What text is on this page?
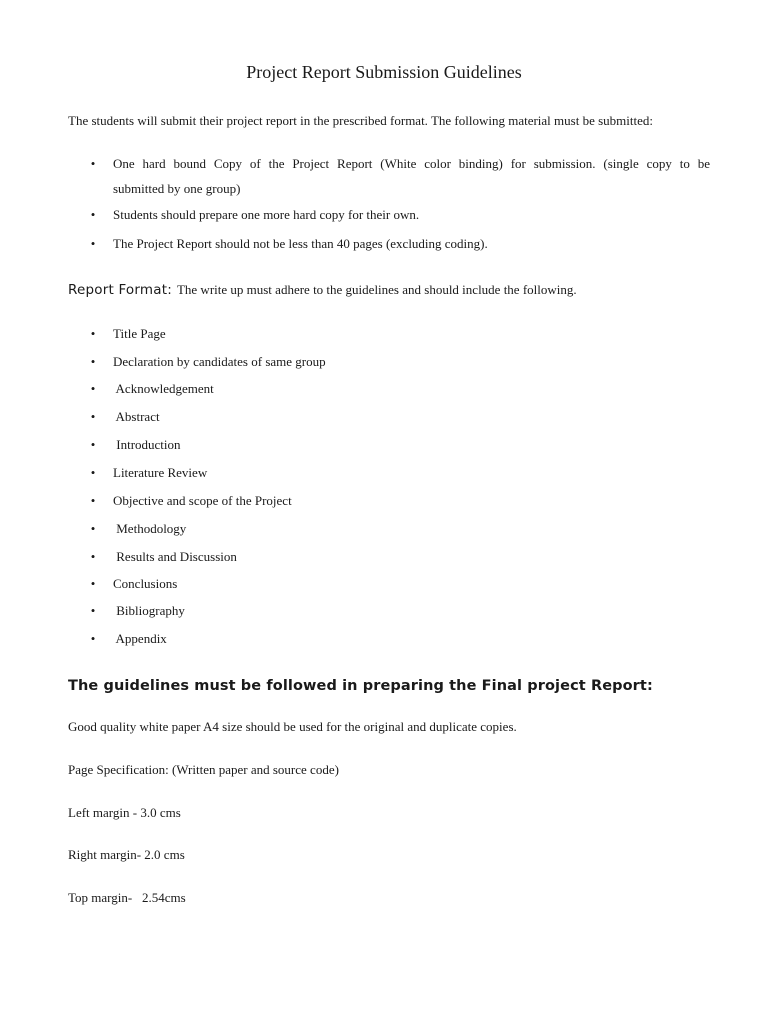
Project Report Submission Guidelines
The students will submit their project report in the prescribed format. The following material must be submitted:
• One hard bound Copy of the Project Report (White color binding) for submission. (single copy to be
submitted by one group)
• Students should prepare one more hard copy for their own.
• The Project Report should not be less than 40 pages (excluding coding).
Report Format: The write up must adhere to the guidelines and should include the following.
• Title Page
• Declaration by candidates of same group
• Acknowledgement
• Abstract
• Introduction
• Literature Review
• Objective and scope of the Project
• Methodology
• Results and Discussion
• Conclusions
• Bibliography
• Appendix
The guidelines must be followed in preparing the Final project Report:
Good quality white paper A4 size should be used for the original and duplicate copies.
Page Specification: (Written paper and source code)
Left margin - 3.0 cms
Right margin- 2.0 cms
Top margin-   2.54cms
